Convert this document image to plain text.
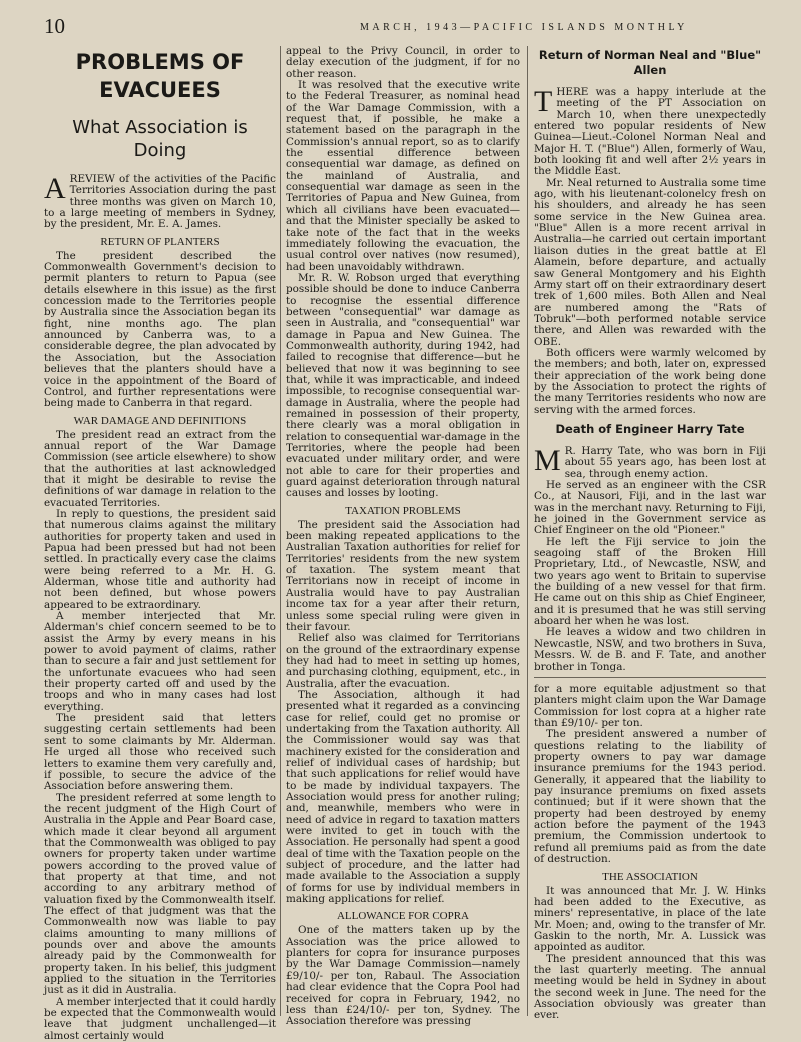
10	MARCH, 1943—PACIFIC ISLANDS MONTHLY
PROBLEMS OF
EVACUEES
What Association is Doing

AREVIEW of the activities of the Pacific Territories Association during the past three months was given on March 10, to a large meeting of members in Sydney, by the president, Mr. E. A. James.

RETURN OF PLANTERS

The president described the Commonwealth Government's decision to permit planters to return to Papua (see details elsewhere in this issue) as the first concession made to the Territories people by Australia since the Association began its fight, nine months ago. The plan announced by Canberra was, to a considerable degree, the plan advocated by the Association, but the Association believes that the planters should have a voice in the appointment of the Board of Control, and further representations were being made to Canberra in that regard.

WAR DAMAGE AND DEFINITIONS

The president read an extract from the annual report of the War Damage Commission (see article elsewhere) to show that the authorities at last acknowledged that it might be desirable to revise the definitions of war damage in relation to the evacuated Territories.

In reply to questions, the president said that numerous claims against the military authorities for property taken and used in Papua had been pressed but had not been settled. In practically every case the claims were being referred to a Mr. H. G. Alderman, whose title and authority had not been defined, but whose powers appeared to be extraordinary.

A member interjected that Mr. Alderman's chief concern seemed to be to assist the Army by every means in his power to avoid payment of claims, rather than to secure a fair and just settlement for the unfortunate evacuees who had seen their property carted off and used by the troops and who in many cases had lost everything.

The president said that letters suggesting certain settlements had been sent to some claimants by Mr. Alderman. He urged all those who received such letters to examine them very carefully and, if possible, to secure the advice of the Association before answering them.

The president referred at some length to the recent judgment of the High Court of Australia in the Apple and Pear Board case, which made it clear beyond all argument that the Commonwealth was obliged to pay owners for property taken under wartime powers according to the proved value of that property at that time, and not according to any arbitrary method of valuation fixed by the Commonwealth itself. The effect of that judgment was that the Commonwealth now was liable to pay claims amounting to many millions of pounds over and above the amounts already paid by the Commonwealth for property taken. In his belief, this judgment applied to the situation in the Territories just as it did in Australia.

A member interjected that it could hardly be expected that the Commonwealth would leave that judgment unchallenged—it almost certainly would

appeal to the Privy Council, in order to delay execution of the judgment, if for no other reason.

It was resolved that the executive write to the Federal Treasurer, as nominal head of the War Damage Commission, with a request that, if possible, he make a statement based on the paragraph in the Commission's annual report, so as to clarify the essential difference between consequential war damage, as defined on the mainland of Australia, and consequential war damage as seen in the Territories of Papua and New Guinea, from which all civilians have been evacuated—and that the Minister specially be asked to take note of the fact that in the weeks immediately following the evacuation, the usual control over natives (now resumed), had been unavoidably withdrawn.

Mr. R. W. Robson urged that everything possible should be done to induce Canberra to recognise the essential difference between "consequential" war damage as seen in Australia, and "consequential" war damage in Papua and New Guinea. The Commonwealth authority, during 1942, had failed to recognise that difference—but he believed that now it was beginning to see that, while it was impracticable, and indeed impossible, to recognise consequential war-damage in Australia, where the people had remained in possession of their property, there clearly was a moral obligation in relation to consequential war-damage in the Territories, where the people had been evacuated under military order, and were not able to care for their properties and guard against deterioration through natural causes and losses by looting.

TAXATION PROBLEMS

The president said the Association had been making repeated applications to the Australian Taxation authorities for relief for Territories' residents from the new system of taxation. The system meant that Territorians now in receipt of income in Australia would have to pay Australian income tax for a year after their return, unless some special ruling were given in their favour.

Relief also was claimed for Territorians on the ground of the extraordinary expense they had had to meet in setting up homes, and purchasing clothing, equipment, etc., in Australia, after the evacuation.

The Association, although it had presented what it regarded as a convincing case for relief, could get no promise or undertaking from the Taxation authority. All the Commissioner would say was that machinery existed for the consideration and relief of individual cases of hardship; but that such applications for relief would have to be made by individual taxpayers. The Association would press for another ruling; and, meanwhile, members who were in need of advice in regard to taxation matters were invited to get in touch with the Association. He personally had spent a good deal of time with the Taxation people on the subject of procedure, and the latter had made available to the Association a supply of forms for use by individual members in making applications for relief.

ALLOWANCE FOR COPRA

One of the matters taken up by the Association was the price allowed to planters for copra for insurance purposes by the War Damage Commission—namely £9/10/- per ton, Rabaul. The Association had clear evidence that the Copra Pool had received for copra in February, 1942, no less than £24/10/- per ton, Sydney. The Association therefore was pressing

Return of Norman Neal and "Blue" Allen

THERE was a happy interlude at the meeting of the PT Association on March 10, when there unexpectedly entered two popular residents of New Guinea—Lieut.-Colonel Norman Neal and Major H. T. ("Blue") Allen, formerly of Wau, both looking fit and well after 2½ years in the Middle East.

Mr. Neal returned to Australia some time ago, with his lieutenant-colonelcy fresh on his shoulders, and already he has seen some service in the New Guinea area. "Blue" Allen is a more recent arrival in Australia—he carried out certain important liaison duties in the great battle at El Alamein, before departure, and actually saw General Montgomery and his Eighth Army start off on their extraordinary desert trek of 1,600 miles. Both Allen and Neal are numbered among the "Rats of Tobruk"—both performed notable service there, and Allen was rewarded with the OBE.

Both officers were warmly welcomed by the members; and both, later on, expressed their appreciation of the work being done by the Association to protect the rights of the many Territories residents who now are serving with the armed forces.

Death of Engineer Harry Tate

M R. Harry Tate, who was born in Fiji about 55 years ago, has been lost at sea, through enemy action.

He served as an engineer with the CSR Co., at Nausori, Fiji, and in the last war was in the merchant navy. Returning to Fiji, he joined in the Government service as Chief Engineer on the old "Pioneer."

He left the Fiji service to join the seagoing staff of the Broken Hill Proprietary, Ltd., of Newcastle, NSW, and two years ago went to Britain to supervise the building of a new vessel for that firm. He came out on this ship as Chief Engineer, and it is presumed that he was still serving aboard her when he was lost.

He leaves a widow and two children in Newcastle, NSW, and two brothers in Suva, Messrs. W. de B. and F. Tate, and another brother in Tonga.

for a more equitable adjustment so that planters might claim upon the War Damage Commission for lost copra at a higher rate than £9/10/- per ton.

The president answered a number of questions relating to the liability of property owners to pay war damage insurance premiums for the 1943 period. Generally, it appeared that the liability to pay insurance premiums on fixed assets continued; but if it were shown that the property had been destroyed by enemy action before the payment of the 1943 premium, the Commission undertook to refund all premiums paid as from the date of destruction.

THE ASSOCIATION

It was announced that Mr. J. W. Hinks had been added to the Executive, as miners' representative, in place of the late Mr. Moen; and, owing to the transfer of Mr. Gaskin to the north, Mr. A. Lussick was appointed as auditor.

The president announced that this was the last quarterly meeting. The annual meeting would be held in Sydney in about the second week in June. The need for the Association obviously was greater than ever.
